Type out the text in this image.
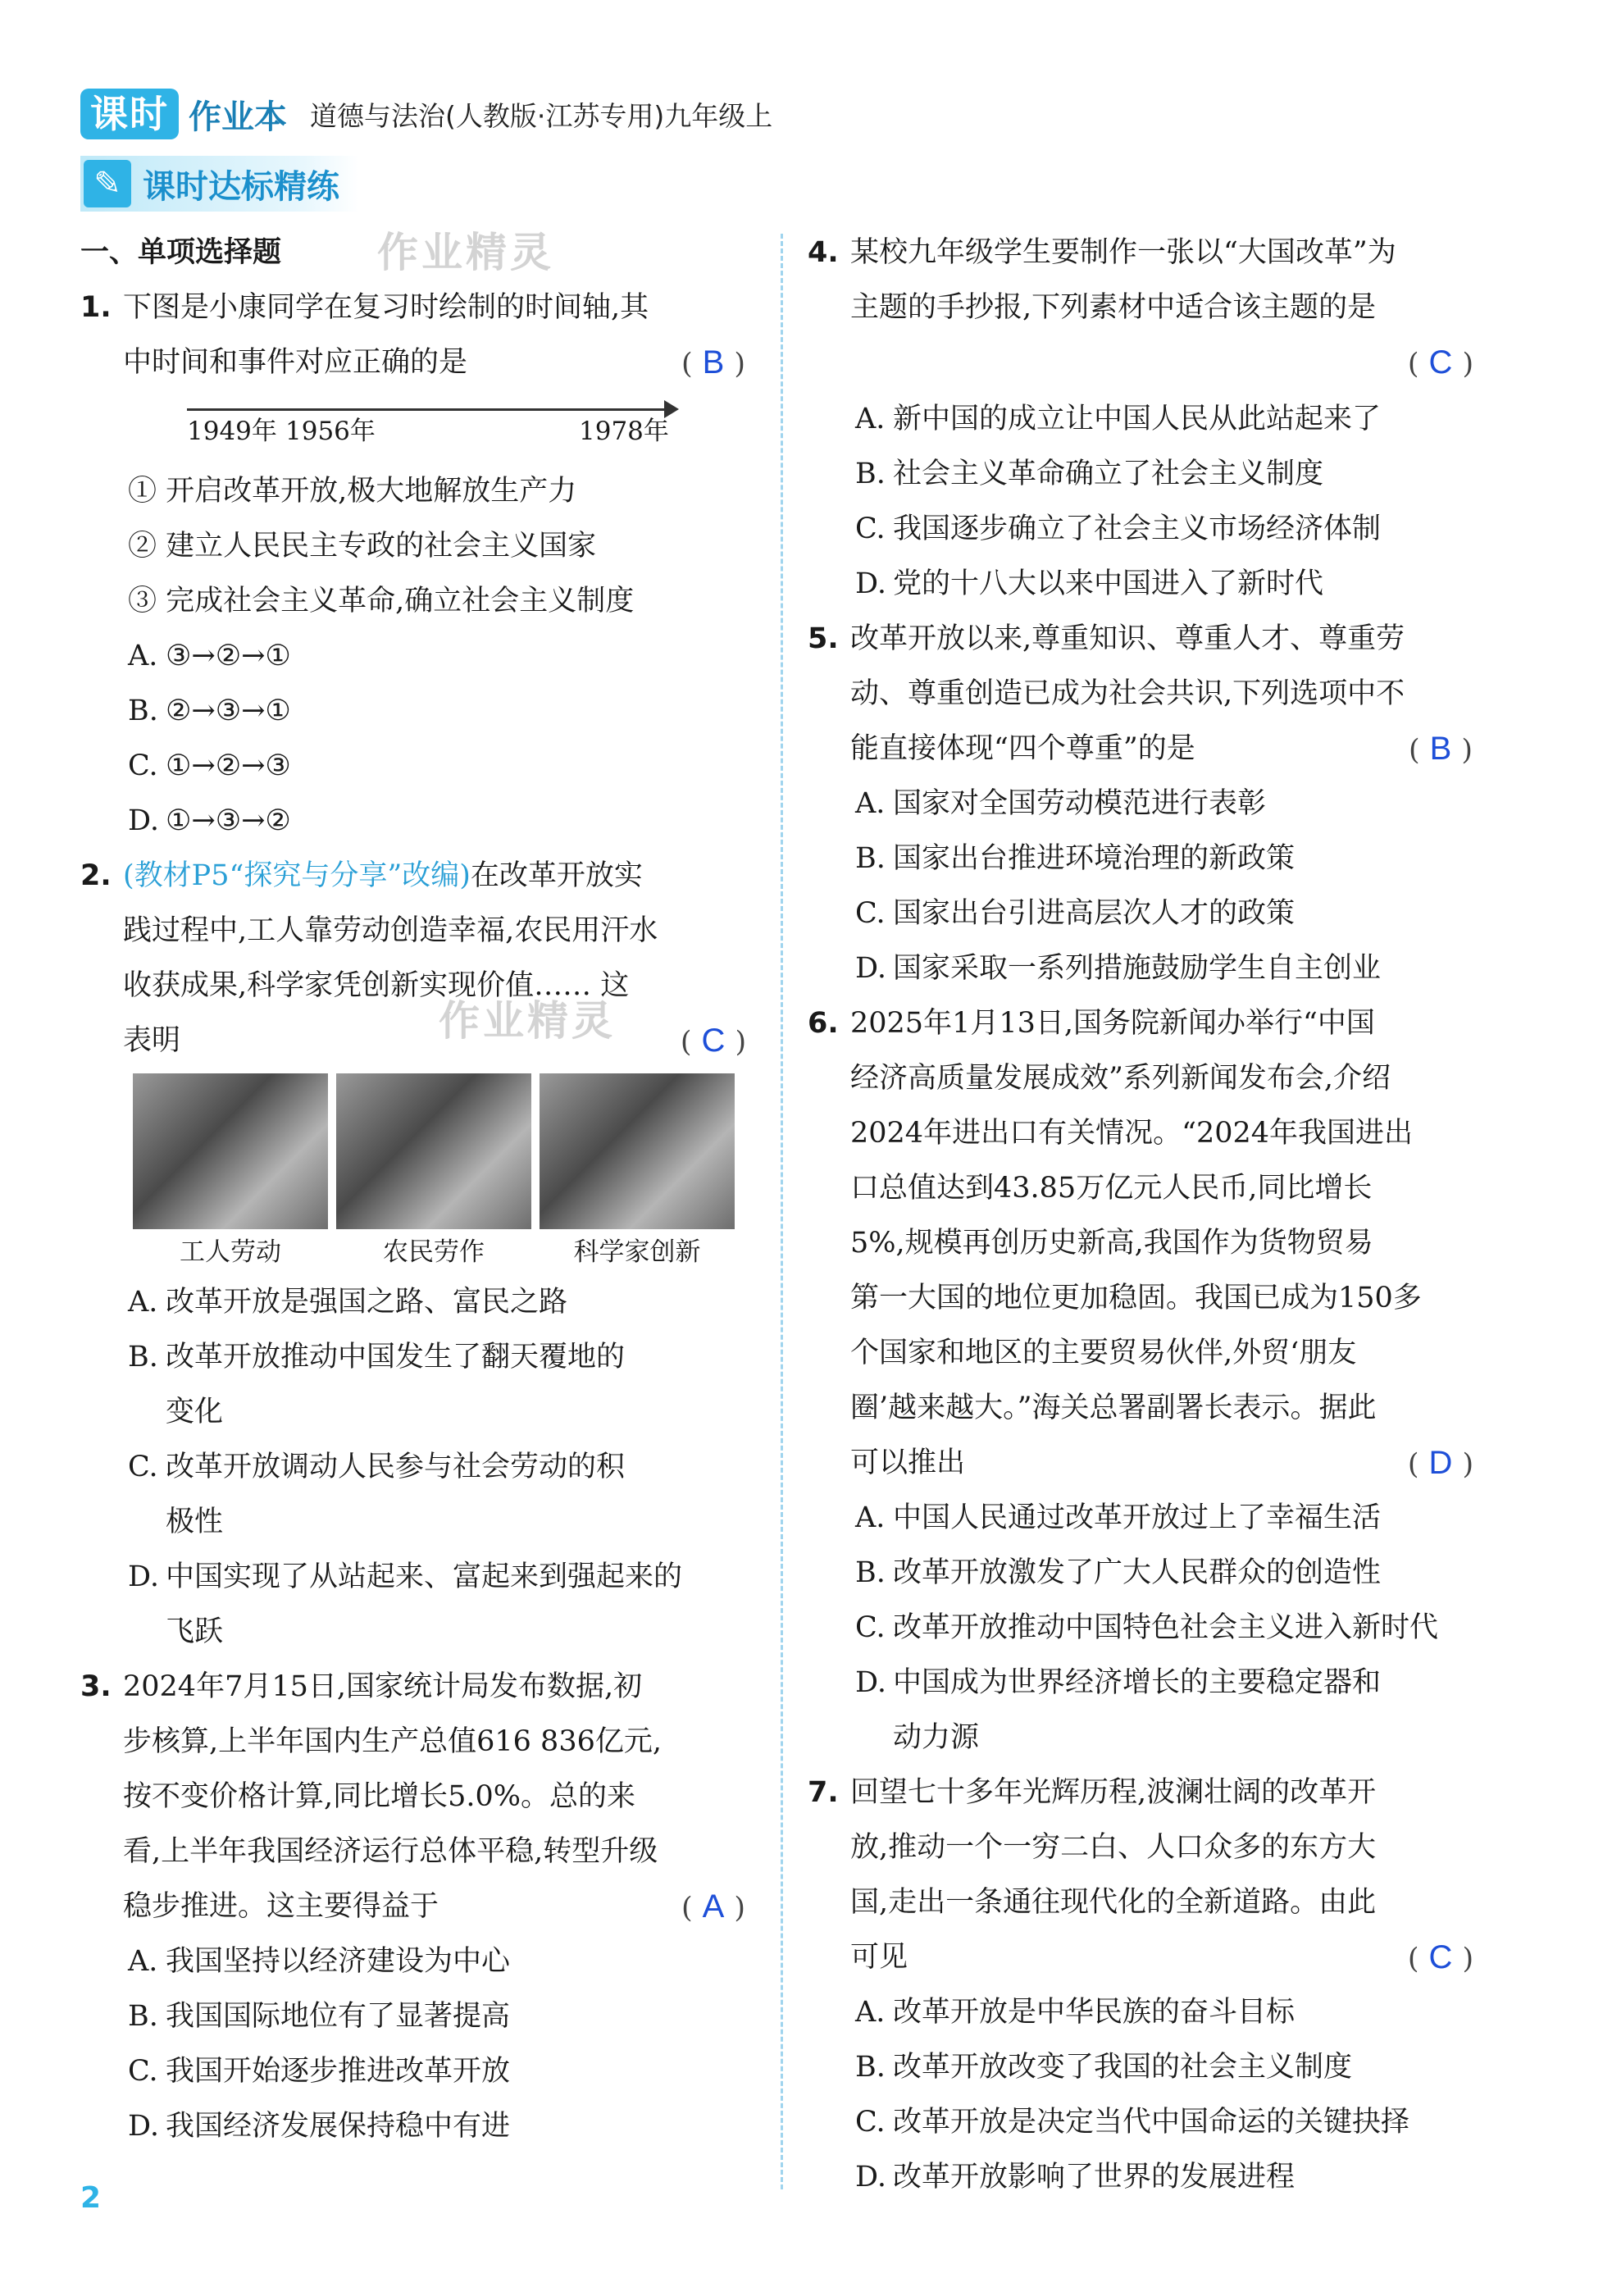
课时 作业本 道德与法治(人教版·江苏专用)九年级上
✎ 课时达标精练
作业精灵
作业精灵
一、单项选择题
1. 下图是小康同学在复习时绘制的时间轴,其
中时间和事件对应正确的是	( B )
1949年 1956年	1978年
① 开启改革开放,极大地解放生产力
② 建立人民民主专政的社会主义国家
③ 完成社会主义革命,确立社会主义制度
A. ③→②→①
B. ②→③→①
C. ①→②→③
D. ①→③→②
2. (教材P5“探究与分享”改编)在改革开放实
践过程中,工人靠劳动创造幸福,农民用汗水
收获成果,科学家凭创新实现价值…… 这
表明	( C )
工人劳动	农民劳作	科学家创新
A. 改革开放是强国之路、富民之路
B. 改革开放推动中国发生了翻天覆地的
变化
C. 改革开放调动人民参与社会劳动的积
极性
D. 中国实现了从站起来、富起来到强起来的
飞跃
3. 2024年7月15日,国家统计局发布数据,初
步核算,上半年国内生产总值616 836亿元,
按不变价格计算,同比增长5.0%。总的来
看,上半年我国经济运行总体平稳,转型升级
稳步推进。这主要得益于	( A )
A. 我国坚持以经济建设为中心
B. 我国国际地位有了显著提高
C. 我国开始逐步推进改革开放
D. 我国经济发展保持稳中有进
4. 某校九年级学生要制作一张以“大国改革”为
主题的手抄报,下列素材中适合该主题的是
( C )
A. 新中国的成立让中国人民从此站起来了
B. 社会主义革命确立了社会主义制度
C. 我国逐步确立了社会主义市场经济体制
D. 党的十八大以来中国进入了新时代
5. 改革开放以来,尊重知识、尊重人才、尊重劳
动、尊重创造已成为社会共识,下列选项中不
能直接体现“四个尊重”的是	( B )
A. 国家对全国劳动模范进行表彰
B. 国家出台推进环境治理的新政策
C. 国家出台引进高层次人才的政策
D. 国家采取一系列措施鼓励学生自主创业
6. 2025年1月13日,国务院新闻办举行“中国
经济高质量发展成效”系列新闻发布会,介绍
2024年进出口有关情况。“2024年我国进出
口总值达到43.85万亿元人民币,同比增长
5%,规模再创历史新高,我国作为货物贸易
第一大国的地位更加稳固。我国已成为150多
个国家和地区的主要贸易伙伴,外贸‘朋友
圈’越来越大。”海关总署副署长表示。据此
可以推出	( D )
A. 中国人民通过改革开放过上了幸福生活
B. 改革开放激发了广大人民群众的创造性
C. 改革开放推动中国特色社会主义进入新时代
D. 中国成为世界经济增长的主要稳定器和
动力源
7. 回望七十多年光辉历程,波澜壮阔的改革开
放,推动一个一穷二白、人口众多的东方大
国,走出一条通往现代化的全新道路。由此
可见	( C )
A. 改革开放是中华民族的奋斗目标
B. 改革开放改变了我国的社会主义制度
C. 改革开放是决定当代中国命运的关键抉择
D. 改革开放影响了世界的发展进程
2
